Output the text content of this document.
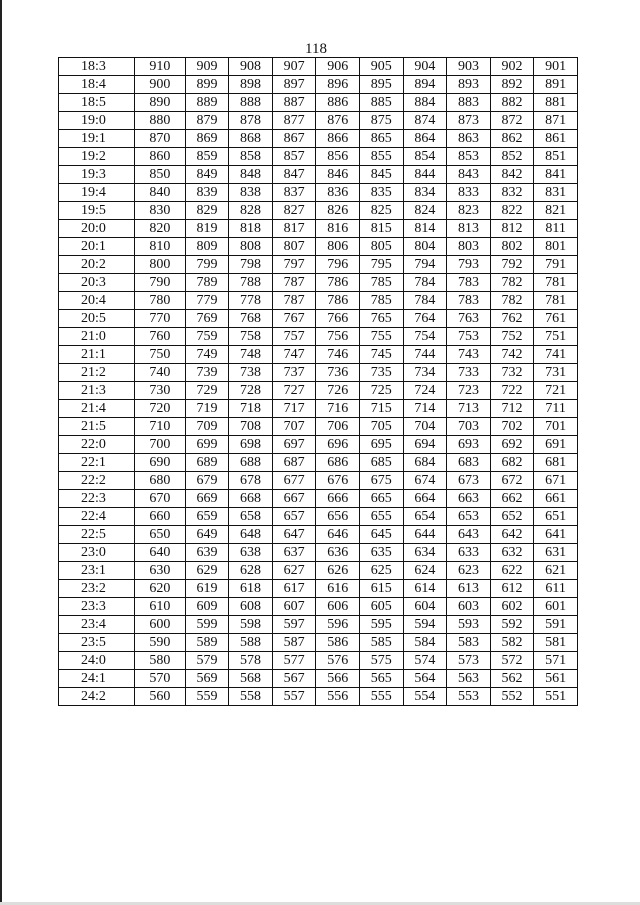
118
18:3	910	909	908	907	906	905	904	903	902	901
18:4	900	899	898	897	896	895	894	893	892	891
18:5	890	889	888	887	886	885	884	883	882	881
19:0	880	879	878	877	876	875	874	873	872	871
19:1	870	869	868	867	866	865	864	863	862	861
19:2	860	859	858	857	856	855	854	853	852	851
19:3	850	849	848	847	846	845	844	843	842	841
19:4	840	839	838	837	836	835	834	833	832	831
19:5	830	829	828	827	826	825	824	823	822	821
20:0	820	819	818	817	816	815	814	813	812	811
20:1	810	809	808	807	806	805	804	803	802	801
20:2	800	799	798	797	796	795	794	793	792	791
20:3	790	789	788	787	786	785	784	783	782	781
20:4	780	779	778	787	786	785	784	783	782	781
20:5	770	769	768	767	766	765	764	763	762	761
21:0	760	759	758	757	756	755	754	753	752	751
21:1	750	749	748	747	746	745	744	743	742	741
21:2	740	739	738	737	736	735	734	733	732	731
21:3	730	729	728	727	726	725	724	723	722	721
21:4	720	719	718	717	716	715	714	713	712	711
21:5	710	709	708	707	706	705	704	703	702	701
22:0	700	699	698	697	696	695	694	693	692	691
22:1	690	689	688	687	686	685	684	683	682	681
22:2	680	679	678	677	676	675	674	673	672	671
22:3	670	669	668	667	666	665	664	663	662	661
22:4	660	659	658	657	656	655	654	653	652	651
22:5	650	649	648	647	646	645	644	643	642	641
23:0	640	639	638	637	636	635	634	633	632	631
23:1	630	629	628	627	626	625	624	623	622	621
23:2	620	619	618	617	616	615	614	613	612	611
23:3	610	609	608	607	606	605	604	603	602	601
23:4	600	599	598	597	596	595	594	593	592	591
23:5	590	589	588	587	586	585	584	583	582	581
24:0	580	579	578	577	576	575	574	573	572	571
24:1	570	569	568	567	566	565	564	563	562	561
24:2	560	559	558	557	556	555	554	553	552	551
